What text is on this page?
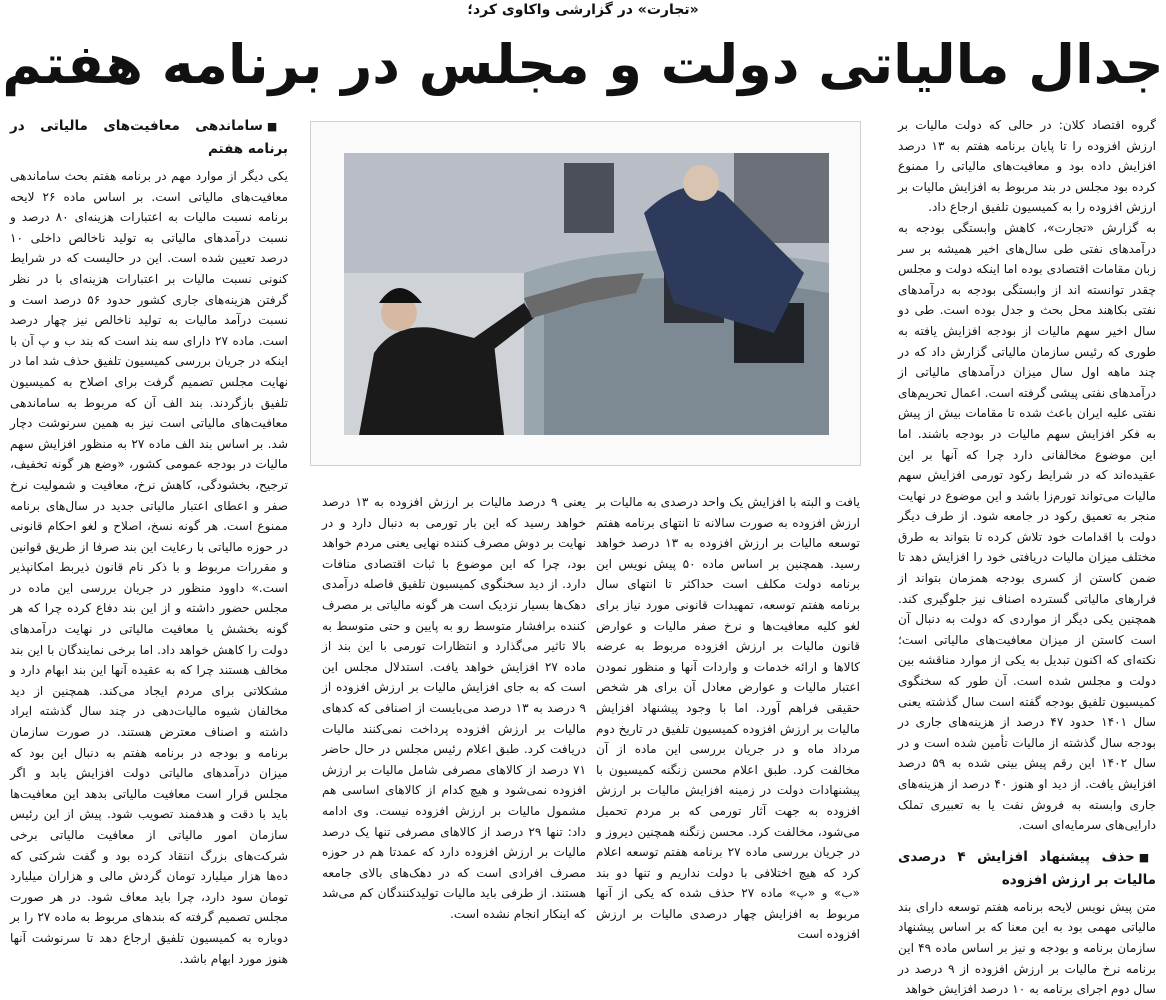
«تجارت» در گزارشی واکاوی کرد؛
جدال مالیاتی دولت و مجلس در برنامه هفتم

گروه اقتصاد کلان: در حالی که دولت مالیات بر ارزش افزوده را تا پایان برنامه هفتم به ۱۳ درصد افزایش داده بود و معافیت‌های مالیاتی را ممنوع کرده بود مجلس در بند مربوط به افزایش مالیات بر ارزش افزوده را به کمیسیون تلفیق ارجاع داد.

به گزارش «تجارت»، کاهش وابستگی بودجه به درآمدهای نفتی طی سال‌های اخیر همیشه بر سر زبان مقامات اقتصادی بوده اما اینکه دولت و مجلس چقدر توانسته اند از وابستگی بودجه به درآمدهای نفتی بکاهند محل بحث و جدل بوده است. طی دو سال اخیر سهم مالیات از بودجه افزایش یافته به طوری که رئیس سازمان مالیاتی گزارش داد که در چند ماهه اول سال میزان درآمدهای مالیاتی از درآمدهای نفتی پیشی گرفته است. اعمال تحریم‌های نفتی علیه ایران باعث شده تا مقامات بیش از پیش به فکر افزایش سهم مالیات در بودجه باشند. اما این موضوع مخالفانی دارد چرا که آنها بر این عقیده‌اند که در شرایط رکود تورمی افزایش سهم مالیات می‌تواند تورم‌زا باشد و این موضوع در نهایت منجر به تعمیق رکود در جامعه شود. از طرف دیگر دولت با اقدامات خود تلاش کرده تا بتواند به طرق مختلف میزان مالیات دریافتی خود را افزایش دهد تا ضمن کاستن از کسری بودجه همزمان بتواند از فرارهای مالیاتی گسترده اصناف نیز جلوگیری کند. همچنین یکی دیگر از مواردی که دولت به دنبال آن است کاستن از میزان معافیت‌های مالیاتی است؛ نکته‌ای که اکنون تبدیل به یکی از موارد مناقشه بین دولت و مجلس شده است. آن طور که سخنگوی کمیسیون تلفیق بودجه گفته است سال گذشته یعنی سال ۱۴۰۱ حدود ۴۷ درصد از هزینه‌های جاری در بودجه سال گذشته از مالیات تأمین شده است و در سال ۱۴۰۲ این رقم پیش بینی شده به ۵۹ درصد افزایش یافت. از دید او هنوز ۴۰ درصد از هزینه‌های جاری وابسته به فروش نفت یا به تعبیری تملک دارایی‌های سرمایه‌ای است.

■حذف پیشنهاد افزایش ۴ درصدی مالیات بر ارزش افزوده

متن پیش نویس لایحه برنامه هفتم توسعه دارای بند مالیاتی مهمی بود به این معنا که بر اساس پیشنهاد سازمان برنامه و بودجه و نیز بر اساس ماده ۴۹ این برنامه نرخ مالیات بر ارزش افزوده از ۹ درصد در سال دوم اجرای برنامه به ۱۰ درصد افزایش خواهد

یافت و البته با افزایش یک واحد درصدی به مالیات بر ارزش افزوده به صورت سالانه تا انتهای برنامه هفتم توسعه مالیات بر ارزش افزوده به ۱۳ درصد خواهد رسید. همچنین بر اساس ماده ۵۰ پیش نویس این برنامه دولت مکلف است حداکثر تا انتهای سال برنامه هفتم توسعه، تمهیدات قانونی مورد نیاز برای لغو کلیه معافیت‌ها و نرخ صفر مالیات و عوارض قانون مالیات بر ارزش افزوده مربوط به عرضه کالاها و ارائه خدمات و واردات آنها و منظور نمودن اعتبار مالیات و عوارض معادل آن برای هر شخص حقیقی فراهم آورد. اما با وجود پیشنهاد افزایش مالیات بر ارزش افزوده کمیسیون تلفیق در تاریخ دوم مرداد ماه و در جریان بررسی این ماده از آن مخالفت کرد. طبق اعلام محسن زنگنه کمیسیون با پیشنهادات دولت در زمینه افزایش مالیات بر ارزش افزوده به جهت آثار تورمی که بر مردم تحمیل می‌شود، مخالفت کرد. محسن زنگنه همچنین دیروز و در جریان بررسی ماده ۲۷ برنامه هفتم توسعه اعلام کرد که هیچ اختلافی با دولت نداریم و تنها دو بند «ب» و «پ» ماده ۲۷ حذف شده که یکی از آنها مربوط به افزایش چهار درصدی مالیات بر ارزش افزوده است

یعنی ۹ درصد مالیات بر ارزش افزوده به ۱۳ درصد خواهد رسید که این بار تورمی به دنبال دارد و در نهایت بر دوش مصرف کننده نهایی یعنی مردم خواهد بود، چرا که این موضوع با ثبات اقتصادی منافات دارد. از دید سخنگوی کمیسیون تلفیق فاصله درآمدی دهک‌ها بسیار نزدیک است هر گونه مالیاتی بر مصرف کننده برافشار متوسط رو به پایین و حتی متوسط به بالا تاثیر می‌گذارد و انتظارات تورمی با این بند از ماده ۲۷ افزایش خواهد یافت. استدلال مجلس این است که به جای افزایش مالیات بر ارزش افزوده از ۹ درصد به ۱۳ درصد می‌بایست از اصنافی که کدهای مالیات بر ارزش افزوده پرداخت نمی‌کنند مالیات دریافت کرد. طبق اعلام رئیس مجلس در حال حاضر ۷۱ درصد از کالاهای مصرفی شامل مالیات بر ارزش افزوده نمی‌شود و هیچ کدام از کالاهای اساسی هم مشمول مالیات بر ارزش افزوده نیست. وی ادامه داد: تنها ۲۹ درصد از کالاهای مصرفی تنها یک درصد مالیات بر ارزش افزوده دارد که عمدتا هم در حوزه مصرف افرادی است که در دهک‌های بالای جامعه هستند. از طرفی باید مالیات تولیدکنندگان کم می‌شد که اینکار انجام نشده است.

■ساماندهی معافیت‌های مالیاتی در برنامه هفتم

یکی دیگر از موارد مهم در برنامه هفتم بحث ساماندهی معافیت‌های مالیاتی است. بر اساس ماده ۲۶ لایحه برنامه نسبت مالیات به اعتبارات هزینه‌ای ۸۰ درصد و نسبت درآمدهای مالیاتی به تولید ناخالص داخلی ۱۰ درصد تعیین شده است. این در حالیست که در شرایط کنونی نسبت مالیات بر اعتبارات هزینه‌ای با در نظر گرفتن هزینه‌های جاری کشور حدود ۵۶ درصد است و نسبت درآمد مالیات به تولید ناخالص نیز چهار درصد است. ماده ۲۷ دارای سه بند است که بند ب و پ آن با اینکه در جریان بررسی کمیسیون تلفیق حذف شد اما در نهایت مجلس تصمیم گرفت برای اصلاح به کمیسیون تلفیق بازگردند. بند الف آن که مربوط به ساماندهی معافیت‌های مالیاتی است نیز به همین سرنوشت دچار شد. بر اساس بند الف ماده ۲۷ به منظور افزایش سهم مالیات در بودجه عمومی کشور، «وضع هر گونه تخفیف، ترجیح، بخشودگی، کاهش نرخ، معافیت و شمولیت نرخ صفر و اعطای اعتبار مالیاتی جدید در سال‌های برنامه ممنوع است. هر گونه نسخ، اصلاح و لغو احکام قانونی در حوزه مالیاتی با رعایت این بند صرفا از طریق قوانین و مقررات مربوط و با ذکر نام قانون ذیربط امکانپذیر است.» داوود منظور در جریان بررسی این ماده در مجلس حضور داشته و از این بند دفاع کرده چرا که هر گونه بخشش یا معافیت مالیاتی در نهایت درآمدهای دولت را کاهش خواهد داد. اما برخی نمایندگان با این بند مخالف هستند چرا که به عقیده آنها این بند ابهام دارد و مشکلاتی برای مردم ایجاد می‌کند. همچنین از دید مخالفان شیوه مالیات‌دهی در چند سال گذشته ایراد داشته و اصناف معترض هستند. در صورت سازمان برنامه و بودجه در برنامه هفتم به دنبال این بود که میزان درآمدهای مالیاتی دولت افزایش یابد و اگر مجلس قرار است معافیت مالیاتی بدهد این معافیت‌ها باید با دقت و هدفمند تصویب شود. پیش از این رئیس سازمان امور مالیاتی از معافیت مالیاتی برخی شرکت‌های بزرگ انتقاد کرده بود و گفت شرکتی که ده‌ها هزار میلیارد تومان گردش مالی و هزاران میلیارد تومان سود دارد، چرا باید معاف شود. در هر صورت مجلس تصمیم گرفته که بندهای مربوط به ماده ۲۷ را بر دوباره به کمیسیون تلفیق ارجاع دهد تا سرنوشت آنها هنوز مورد ابهام باشد.
